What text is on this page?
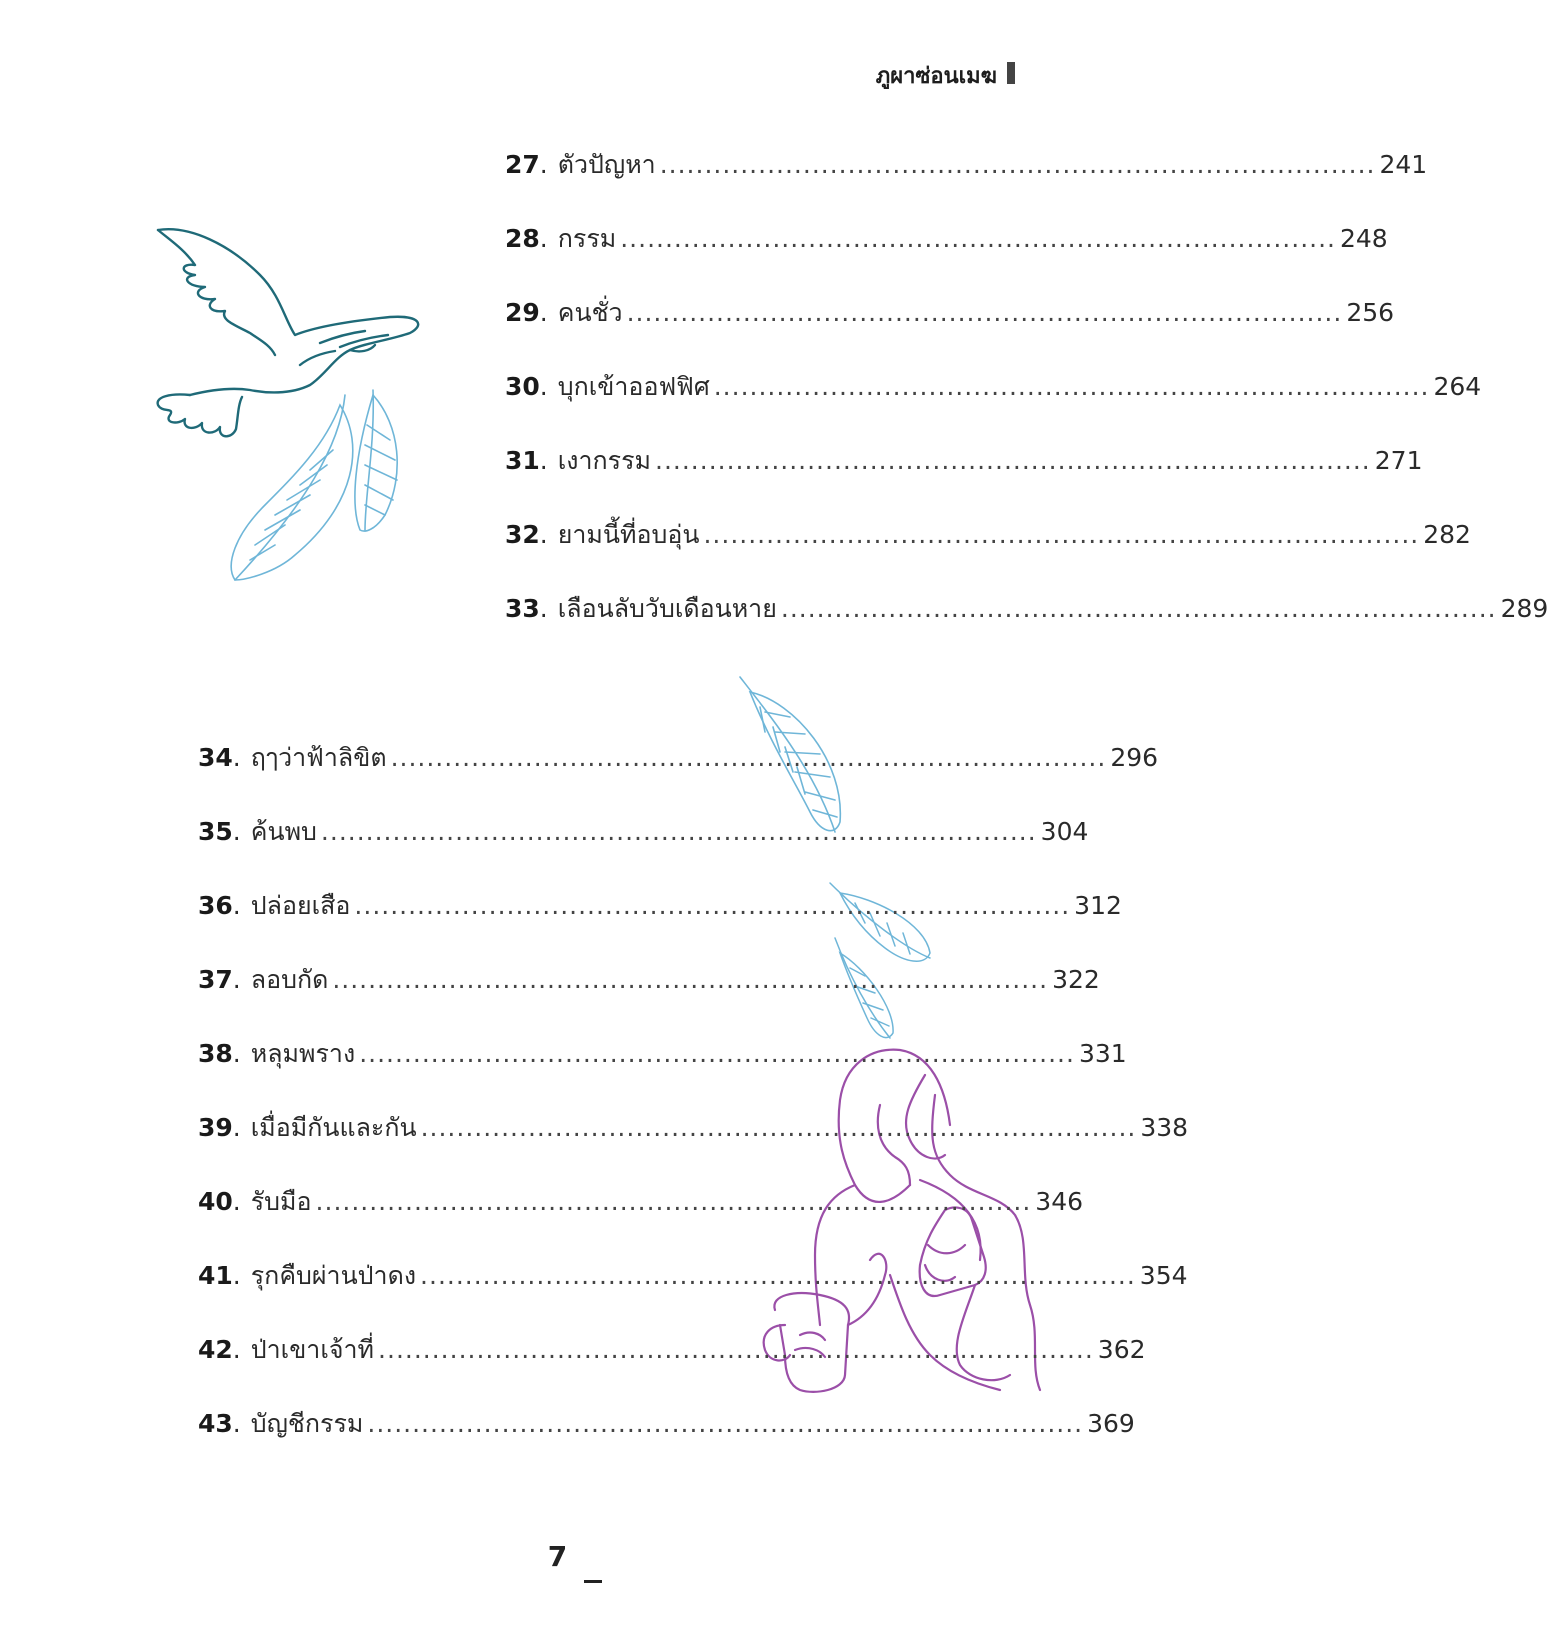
ภูผาซ่อนเมฆ
27 . ตัวปัญหา ................................................................................ 241
28 . กรรม ................................................................................ 248
29 . คนชั่ว ................................................................................ 256
30 . บุกเข้าออฟฟิศ ................................................................................ 264
31 . เงากรรม ................................................................................ 271
32 . ยามนี้ที่อบอุ่น ................................................................................ 282
33 . เลือนลับวับเดือนหาย ................................................................................ 289
34 . ฤๅว่าฟ้าลิขิต ................................................................................ 296
35 . ค้นพบ ................................................................................ 304
36 . ปล่อยเสือ ................................................................................ 312
37 . ลอบกัด ................................................................................ 322
38 . หลุมพราง ................................................................................ 331
39 . เมื่อมีกันและกัน ................................................................................ 338
40 . รับมือ ................................................................................ 346
41 . รุกคืบผ่านป่าดง ................................................................................ 354
42 . ป่าเขาเจ้าที่ ................................................................................ 362
43 . บัญชีกรรม ................................................................................ 369
7
